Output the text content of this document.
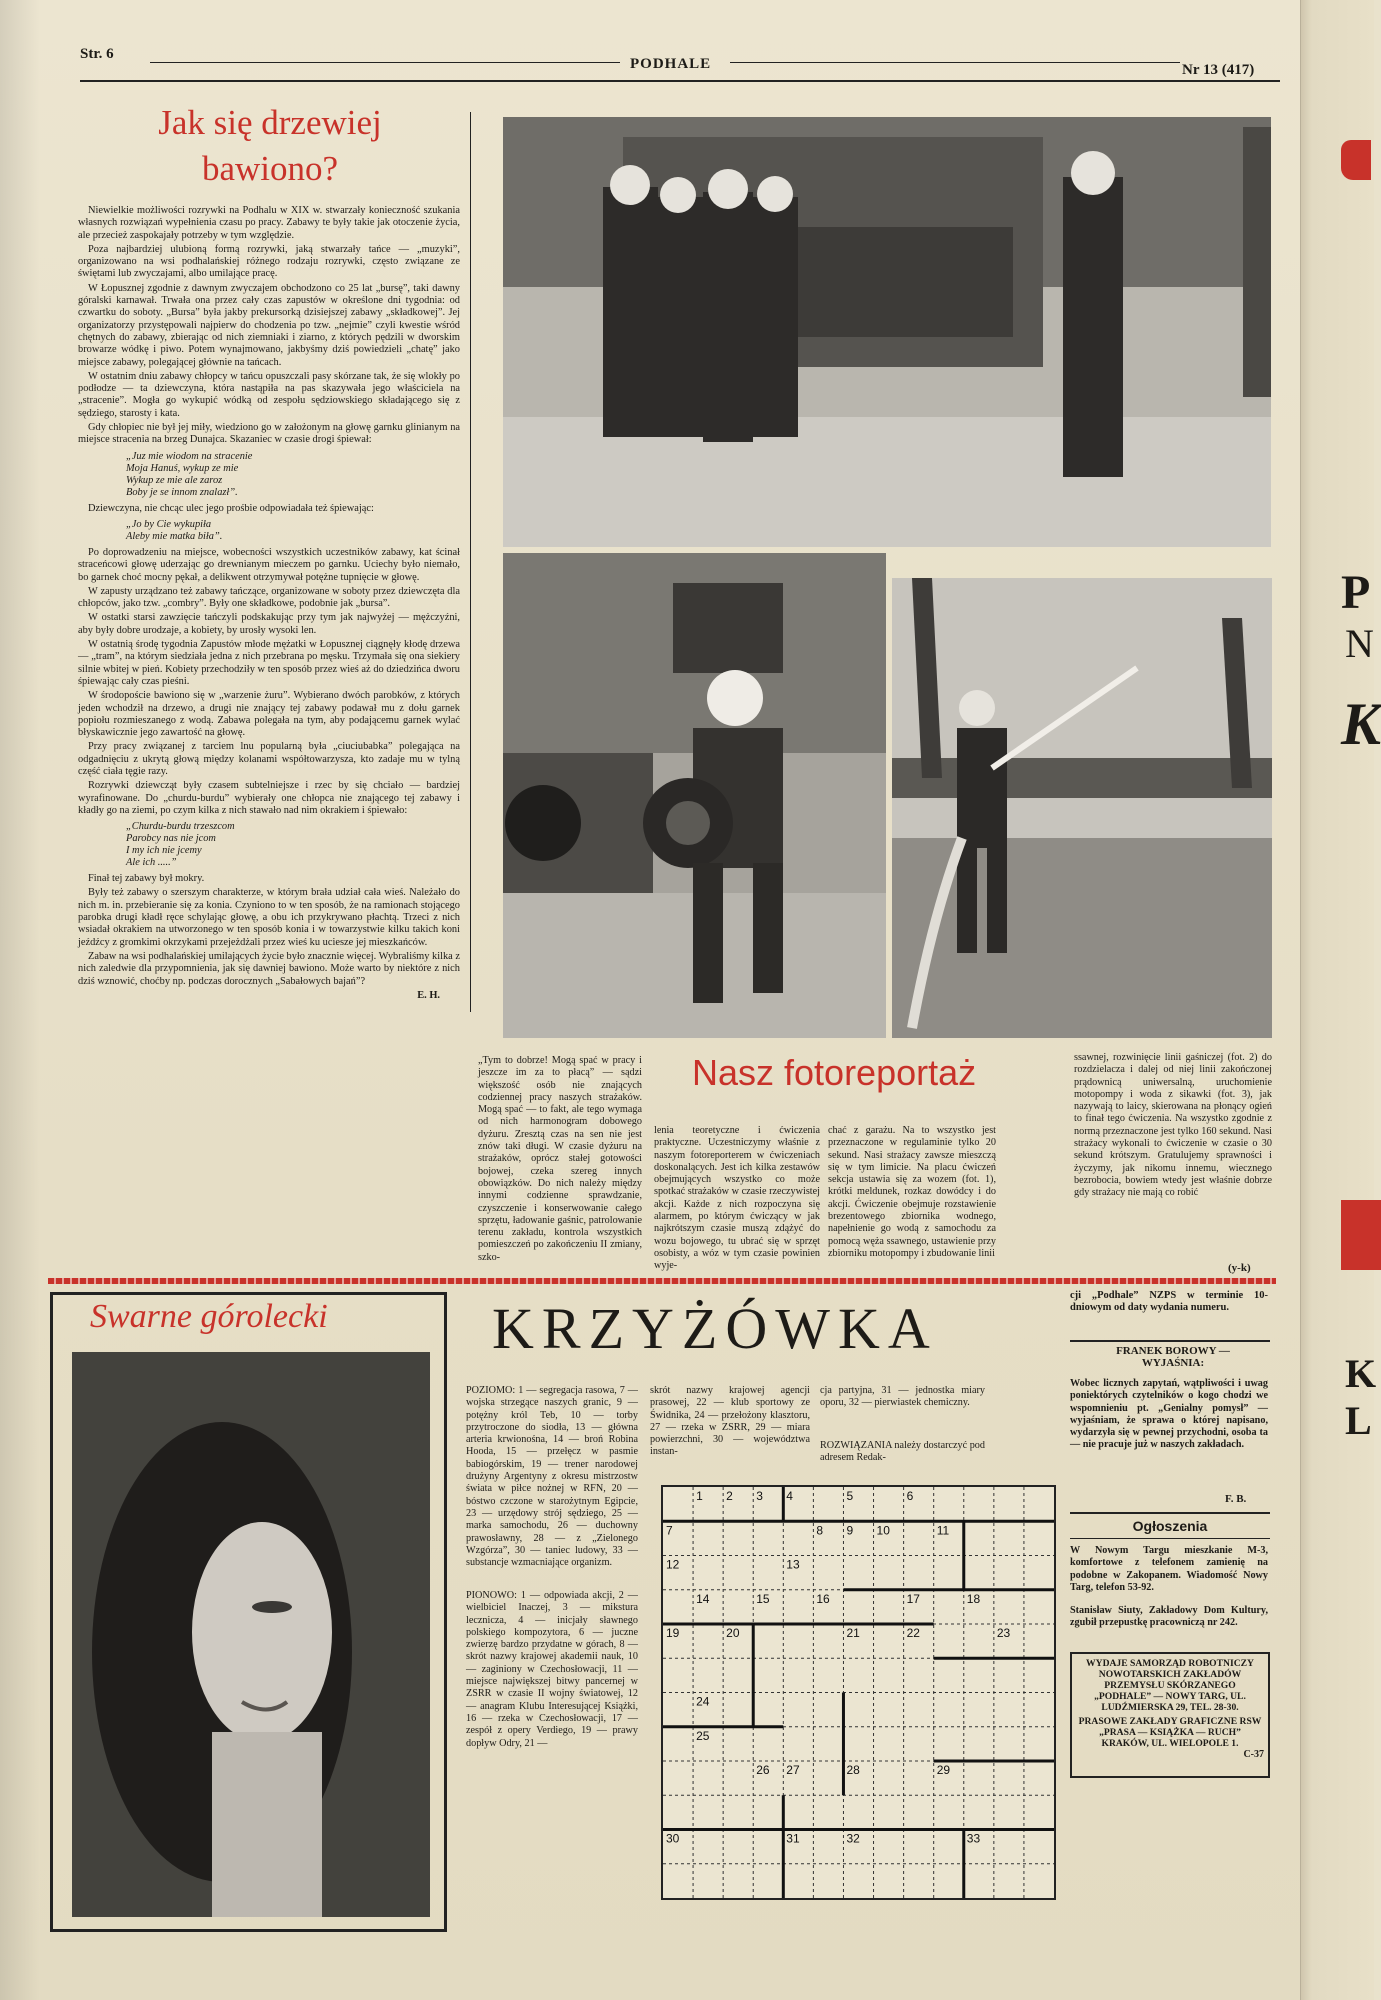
Str. 6
PODHALE	Nr 13 (417)
Jak się drzewiej
bawiono?

Niewielkie możliwości rozrywki na Podhalu w XIX w. stwarzały konieczność szukania własnych rozwiązań wypełnienia czasu po pracy. Zabawy te były takie jak otoczenie życia, ale przecież zaspokajały potrzeby w tym względzie.

Poza najbardziej ulubioną formą rozrywki, jaką stwarzały tańce — „muzyki”, organizowano na wsi podhalańskiej różnego rodzaju rozrywki, często związane ze świętami lub zwyczajami, albo umilające pracę.

W Łopusznej zgodnie z dawnym zwyczajem obchodzono co 25 lat „bursę”, taki dawny góralski karnawał. Trwała ona przez cały czas zapustów w określone dni tygodnia: od czwartku do soboty. „Bursa” była jakby prekursorką dzisiejszej zabawy „składkowej”. Jej organizatorzy przystępowali najpierw do chodzenia po tzw. „nejmie” czyli kwestie wśród chętnych do zabawy, zbierając od nich ziemniaki i ziarno, z których pędzili w dworskim browarze wódkę i piwo. Potem wynajmowano, jakbyśmy dziś powiedzieli „chatę” jako miejsce zabawy, polegającej głównie na tańcach.

W ostatnim dniu zabawy chłopcy w tańcu opuszczali pasy skórzane tak, że się wlokły po podłodze — ta dziewczyna, która nastąpiła na pas skazywała jego właściciela na „stracenie”. Mogła go wykupić wódką od zespołu sędziowskiego składającego się z sędziego, starosty i kata.

Gdy chłopiec nie był jej miły, wiedziono go w założonym na głowę garnku glinianym na miejsce stracenia na brzeg Dunajca. Skazaniec w czasie drogi śpiewał:

„Juz mie wiodom na stracenie
Moja Hanuś, wykup ze mie
Wykup ze mie ale zaroz
Boby je se innom znalazł”.

Dziewczyna, nie chcąc ulec jego prośbie odpowiadała też śpiewając:

„Jo by Cie wykupiła
Aleby mie matka biła”.

Po doprowadzeniu na miejsce, wobecności wszystkich uczestników zabawy, kat ścinał straceńcowi głowę uderzając go drewnianym mieczem po garnku. Uciechy było niemało, bo garnek choć mocny pękał, a delikwent otrzymywał potężne tupnięcie w głowę.

W zapusty urządzano też zabawy tańczące, organizowane w soboty przez dziewczęta dla chłopców, jako tzw. „combry”. Były one składkowe, podobnie jak „bursa”.

W ostatki starsi zawzięcie tańczyli podskakując przy tym jak najwyżej — mężczyźni, aby były dobre urodzaje, a kobiety, by urosły wysoki len.

W ostatnią środę tygodnia Zapustów młode mężatki w Łopusznej ciągnęły kłodę drzewa — „tram”, na którym siedziała jedna z nich przebrana po męsku. Trzymała się ona siekiery silnie wbitej w pień. Kobiety przechodziły w ten sposób przez wieś aż do dziedzińca dworu śpiewając cały czas pieśni.

W środopoście bawiono się w „warzenie żuru”. Wybierano dwóch parobków, z których jeden wchodził na drzewo, a drugi nie znający tej zabawy podawał mu z dołu garnek popiołu rozmieszanego z wodą. Zabawa polegała na tym, aby podającemu garnek wylać błyskawicznie jego zawartość na głowę.

Przy pracy związanej z tarciem lnu popularną była „ciuciubabka” polegająca na odgadnięciu z ukrytą głową między kolanami współtowarzysza, kto zadaje mu w tylną część ciała tęgie razy.

Rozrywki dziewcząt były czasem subtelniejsze i rzec by się chciało — bardziej wyrafinowane. Do „churdu-burdu” wybierały one chłopca nie znającego tej zabawy i kładły go na ziemi, po czym kilka z nich stawało nad nim okrakiem i śpiewało:

„Churdu-burdu trzeszcom
Parobcy nas nie jcom
I my ich nie jcemy
Ale ich .....”

Finał tej zabawy był mokry.

Były też zabawy o szerszym charakterze, w którym brała udział cała wieś. Należało do nich m. in. przebieranie się za konia. Czyniono to w ten sposób, że na ramionach stojącego parobka drugi kładł ręce schylając głowę, a obu ich przykrywano płachtą. Trzeci z nich wsiadał okrakiem na utworzonego w ten sposób konia i w towarzystwie kilku takich koni jeźdźcy z gromkimi okrzykami przejeżdżali przez wieś ku uciesze jej mieszkańców.

Zabaw na wsi podhalańskiej umilających życie było znacznie więcej. Wybraliśmy kilka z nich zaledwie dla przypomnienia, jak się dawniej bawiono. Może warto by niektóre z nich dziś wznowić, choćby np. podczas dorocznych „Sabałowych bajań”?

E. H.
„Tym to dobrze! Mogą spać w pracy i jeszcze im za to płacą” — sądzi większość osób nie znających codziennej pracy naszych strażaków. Mogą spać — to fakt, ale tego wymaga od nich harmonogram dobowego dyżuru. Zresztą czas na sen nie jest znów taki długi. W czasie dyżuru na strażaków, oprócz stałej gotowości bojowej, czeka szereg innych obowiązków. Do nich należy między innymi codzienne sprawdzanie, czyszczenie i konserwowanie całego sprzętu, ładowanie gaśnic, patrolowanie terenu zakładu, kontrola wszystkich pomieszczeń po zakończeniu II zmiany, szko-
Nasz fotoreportaż
lenia teoretyczne i ćwiczenia praktyczne. Uczestniczymy właśnie z naszym fotoreporterem w ćwiczeniach doskonalących. Jest ich kilka zestawów obejmujących wszystko co może spotkać strażaków w czasie rzeczywistej akcji. Każde z nich rozpoczyna się alarmem, po którym ćwiczący w jak najkrótszym czasie muszą zdążyć do wozu bojowego, tu ubrać się w sprzęt osobisty, a wóz w tym czasie powinien wyje-
chać z garażu. Na to wszystko jest przeznaczone w regulaminie tylko 20 sekund. Nasi strażacy zawsze mieszczą się w tym limicie. Na placu ćwiczeń sekcja ustawia się za wozem (fot. 1), krótki meldunek, rozkaz dowódcy i do akcji. Ćwiczenie obejmuje rozstawienie brezentowego zbiornika wodnego, napełnienie go wodą z samochodu za pomocą węża ssawnego, ustawienie przy zbiorniku motopompy i zbudowanie linii
ssawnej, rozwinięcie linii gaśniczej (fot. 2) do rozdzielacza i dalej od niej linii zakończonej prądownicą uniwersalną, uruchomienie motopompy i woda z sikawki (fot. 3), jak nazywają to laicy, skierowana na płonący ogień to finał tego ćwiczenia. Na wszystko zgodnie z normą przeznaczone jest tylko 160 sekund. Nasi strażacy wykonali to ćwiczenie w czasie o 30 sekund krótszym. Gratulujemy sprawności i życzymy, jak nikomu innemu, wiecznego bezrobocia, bowiem wtedy jest właśnie dobrze gdy strażacy nie mają co robić
(y-k)
Swarne górolecki	KRZYŻÓWKA
POZIOMO: 1 — segregacja rasowa, 7 — wojska strzegące naszych granic, 9 — potężny król Teb, 10 — torby przytroczone do siodła, 13 — główna arteria krwionośna, 14 — broń Robina Hooda, 15 — przełęcz w pasmie babiogórskim, 19 — trener narodowej drużyny Argentyny z okresu mistrzostw świata w piłce nożnej w RFN, 20 — bóstwo czczone w starożytnym Egipcie, 23 — urzędowy strój sędziego, 25 — marka samochodu, 26 — duchowny prawosławny, 28 — z „Zielonego Wzgórza”, 30 — taniec ludowy, 33 — substancje wzmacniające organizm.
PIONOWO: 1 — odpowiada akcji, 2 — wielbiciel Inaczej, 3 — mikstura lecznicza, 4 — inicjały sławnego polskiego kompozytora, 6 — juczne zwierzę bardzo przydatne w górach, 8 — skrót nazwy krajowej akademii nauk, 10 — zaginiony w Czechosłowacji, 11 — miejsce największej bitwy pancernej w ZSRR w czasie II wojny światowej, 12 — anagram Klubu Interesującej Książki, 16 — rzeka w Czechosłowacji, 17 — zespół z opery Verdiego, 19 — prawy dopływ Odry, 21 —
skrót nazwy krajowej agencji prasowej, 22 — klub sportowy ze Świdnika, 24 — przełożony klasztoru, 27 — rzeka w ZSRR, 29 — miara powierzchni, 30 — województwa instan-
cja partyjna, 31 — jednostka miary oporu, 32 — pierwiastek chemiczny.
ROZWIĄZANIA należy dostarczyć pod adresem Redak-
1 2 3 4	5	6
7	8 9 10	11
12	13
14	15	16	17	18
19	20	21	22	23
24
25
26 27	28	29
30	31	32	33
cji „Podhale” NZPS w terminie 10-dniowym od daty wydania numeru.
FRANEK BOROWY — WYJAŚNIA:
Wobec licznych zapytań, wątpliwości i uwag poniektórych czytelników o kogo chodzi we wspomnieniu pt. „Genialny pomysł” — wyjaśniam, że sprawa o której napisano, wydarzyła się w pewnej przychodni, osoba ta — nie pracuje już w naszych zakładach.
F. B.
Ogłoszenia
W Nowym Targu mieszkanie M-3, komfortowe z telefonem zamienię na podobne w Zakopanem. Wiadomość Nowy Targ, telefon 53-92.
Stanisław Siuty, Zakładowy Dom Kultury, zgubił przepustkę pracowniczą nr 242.
WYDAJE SAMORZĄD ROBOTNICZY NOWOTARSKICH ZAKŁADÓW PRZEMYSŁU SKÓRZANEGO „PODHALE” — NOWY TARG, UL. LUDŹMIERSKA 29, TEL. 28-30.
PRASOWE ZAKŁADY GRAFICZNE RSW „PRASA — KSIĄŻKA — RUCH” KRAKÓW, UL. WIELOPOLE 1.
C-37
P
N
K
K
L
